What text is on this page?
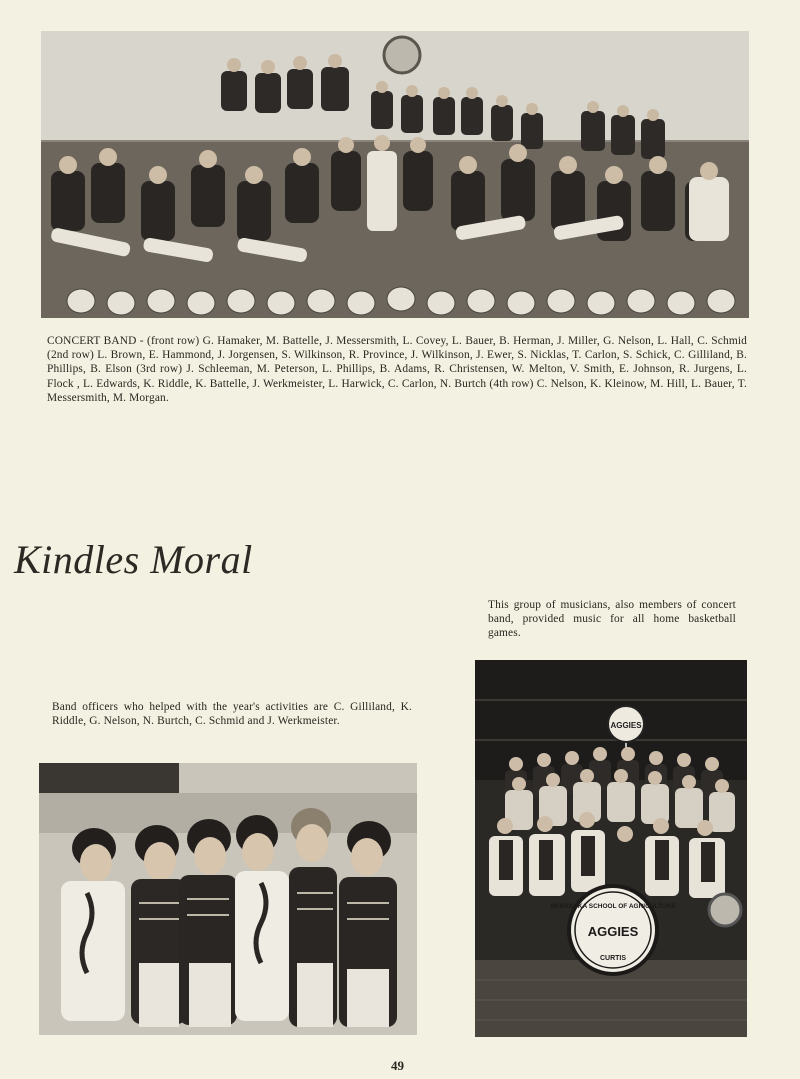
CONCERT BAND - (front row) G. Hamaker, M. Battelle, J. Messersmith, L. Covey, L. Bauer, B. Herman, J. Miller, G. Nelson, L. Hall, C. Schmid (2nd row) L. Brown, E. Hammond, J. Jorgensen, S. Wilkinson, R. Province, J. Wilkinson, J. Ewer, S. Nicklas, T. Carlon, S. Schick, C. Gilliland, B. Phillips, B. Elson (3rd row) J. Schleeman, M. Peterson, L. Phillips, B. Adams, R. Christensen, W. Melton, V. Smith, E. Johnson, R. Jurgens, L. Flock , L. Edwards, K. Riddle, K. Battelle, J. Werkmeister, L. Harwick, C. Carlon, N. Burtch (4th row) C. Nelson, K. Kleinow, M. Hill, L. Bauer, T. Messersmith, M. Morgan.
Kindles Moral
This group of musicians, also members of concert band, provided music for all home basketball games.
Band officers who helped with the year's activities are C. Gilliland, K. Riddle, G. Nelson, N. Burtch, C. Schmid and J. Werkmeister.	AGGIES
NEBRASKA SCHOOL OF AGRICULTURE
AGGIES
CURTIS
49
